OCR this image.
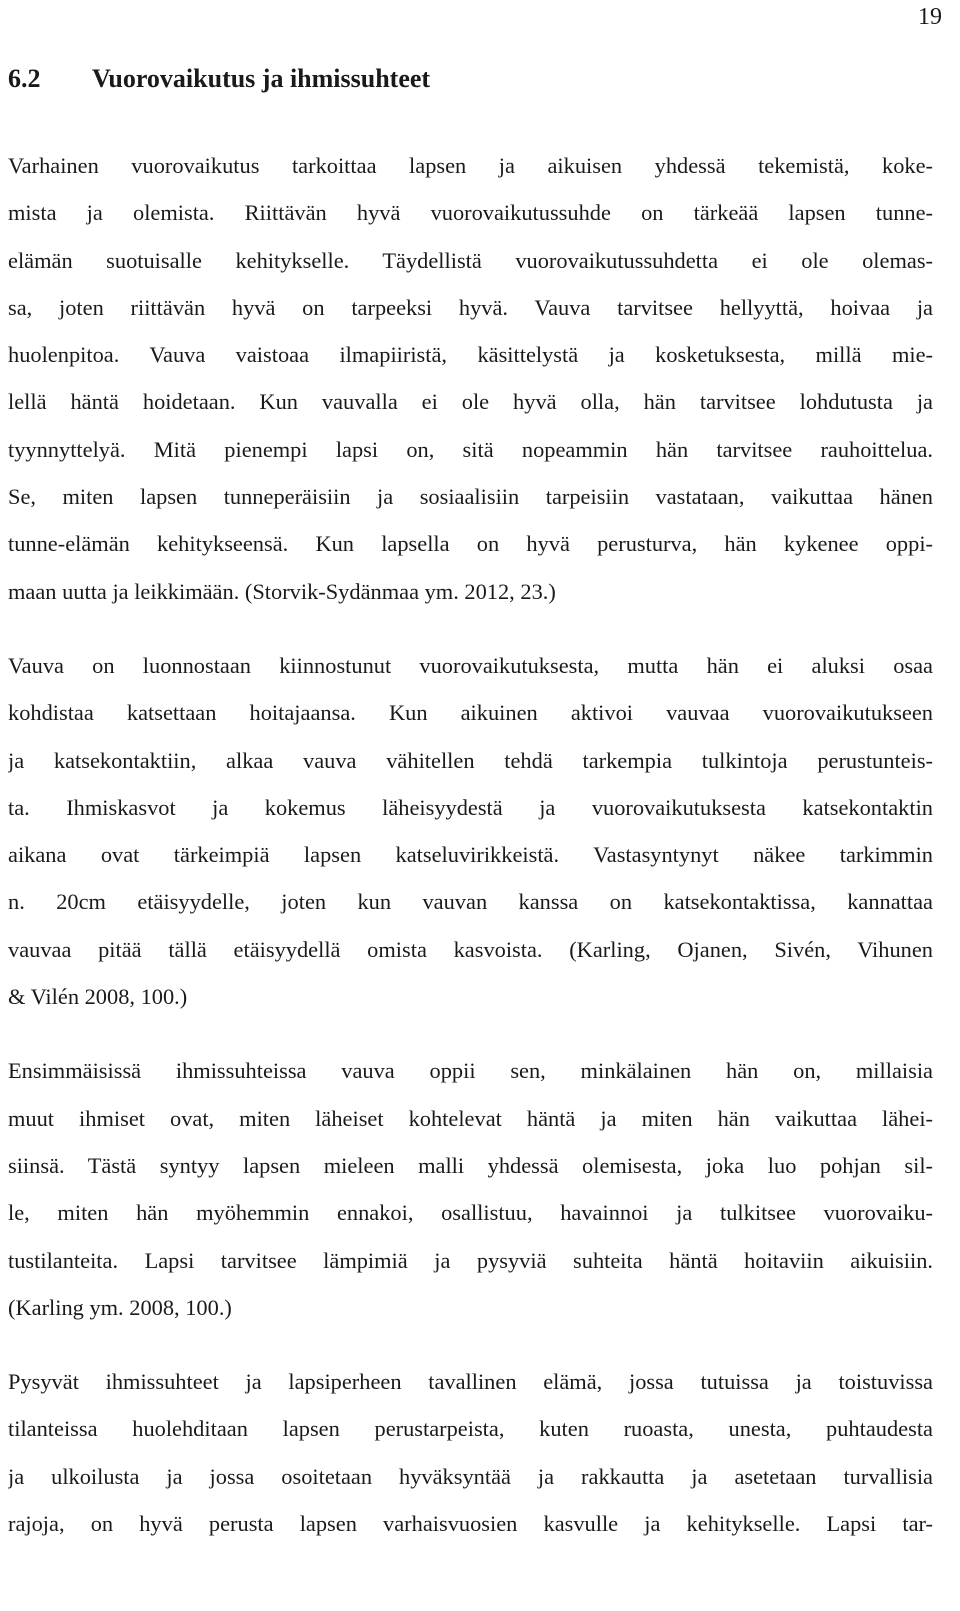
19
6.2 Vuorovaikutus ja ihmissuhteet
Varhainen vuorovaikutus tarkoittaa lapsen ja aikuisen yhdessä tekemistä, koke-
mista ja olemista. Riittävän hyvä vuorovaikutussuhde on tärkeää lapsen tunne-
elämän suotuisalle kehitykselle. Täydellistä vuorovaikutussuhdetta ei ole olemas-
sa, joten riittävän hyvä on tarpeeksi hyvä. Vauva tarvitsee hellyyttä, hoivaa ja
huolenpitoa. Vauva vaistoaa ilmapiiristä, käsittelystä ja kosketuksesta, millä mie-
lellä häntä hoidetaan. Kun vauvalla ei ole hyvä olla, hän tarvitsee lohdutusta ja
tyynnyttelyä. Mitä pienempi lapsi on, sitä nopeammin hän tarvitsee rauhoittelua.
Se, miten lapsen tunneperäisiin ja sosiaalisiin tarpeisiin vastataan, vaikuttaa hänen
tunne-elämän kehitykseensä. Kun lapsella on hyvä perusturva, hän kykenee oppi-
maan uutta ja leikkimään. (Storvik-Sydänmaa ym. 2012, 23.)
Vauva on luonnostaan kiinnostunut vuorovaikutuksesta, mutta hän ei aluksi osaa
kohdistaa katsettaan hoitajaansa. Kun aikuinen aktivoi vauvaa vuorovaikutukseen
ja katsekontaktiin, alkaa vauva vähitellen tehdä tarkempia tulkintoja perustunteis-
ta. Ihmiskasvot ja kokemus läheisyydestä ja vuorovaikutuksesta katsekontaktin
aikana ovat tärkeimpiä lapsen katseluvirikkeistä. Vastasyntynyt näkee tarkimmin
n. 20cm etäisyydelle, joten kun vauvan kanssa on katsekontaktissa, kannattaa
vauvaa pitää tällä etäisyydellä omista kasvoista. (Karling, Ojanen, Sivén, Vihunen
& Vilén 2008, 100.)
Ensimmäisissä ihmissuhteissa vauva oppii sen, minkälainen hän on, millaisia
muut ihmiset ovat, miten läheiset kohtelevat häntä ja miten hän vaikuttaa lähei-
siinsä. Tästä syntyy lapsen mieleen malli yhdessä olemisesta, joka luo pohjan sil-
le, miten hän myöhemmin ennakoi, osallistuu, havainnoi ja tulkitsee vuorovaiku-
tustilanteita. Lapsi tarvitsee lämpimiä ja pysyviä suhteita häntä hoitaviin aikuisiin.
(Karling ym. 2008, 100.)
Pysyvät ihmissuhteet ja lapsiperheen tavallinen elämä, jossa tutuissa ja toistuvissa
tilanteissa huolehditaan lapsen perustarpeista, kuten ruoasta, unesta, puhtaudesta
ja ulkoilusta ja jossa osoitetaan hyväksyntää ja rakkautta ja asetetaan turvallisia
rajoja, on hyvä perusta lapsen varhaisvuosien kasvulle ja kehitykselle. Lapsi tar-
